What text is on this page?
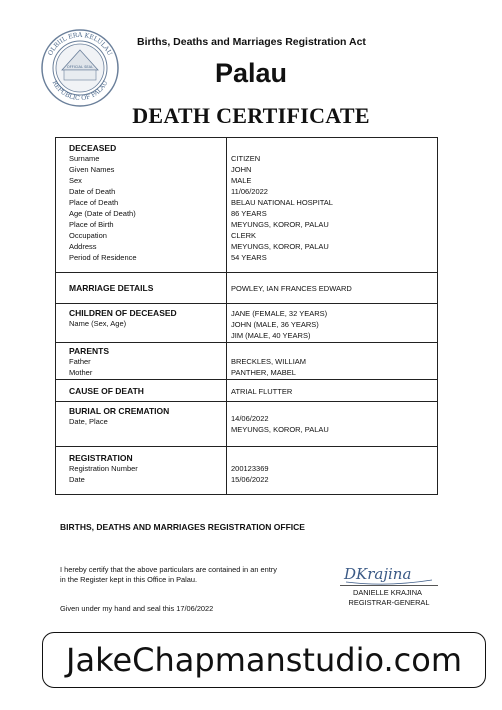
OLBIIL ERA KELULAU
REPUBLIC OF PALAU
OFFICIAL SEAL
Births, Deaths and Marriages Registration Act
Palau
DEATH CERTIFICATE
DECEASED
Surname	CITIZEN
Given Names	JOHN
Sex	MALE
Date of Death	11/06/2022
Place of Death	BELAU NATIONAL HOSPITAL
Age (Date of Death)	86 YEARS
Place of Birth	MEYUNGS, KOROR, PALAU
Occupation	CLERK
Address	MEYUNGS, KOROR, PALAU
Period of Residence	54 YEARS
MARRIAGE DETAILS	POWLEY, IAN FRANCES EDWARD
CHILDREN OF DECEASED
Name (Sex, Age)
JANE (FEMALE, 32 YEARS)
JOHN (MALE, 36 YEARS)
JIM (MALE, 40 YEARS)
PARENTS
Father	BRECKLES, WILLIAM
Mother	PANTHER, MABEL
CAUSE OF DEATH	ATRIAL FLUTTER
BURIAL OR CREMATION
Date, Place	14/06/2022
MEYUNGS, KOROR, PALAU
REGISTRATION
Registration Number	200123369
Date	15/06/2022
BIRTHS, DEATHS AND MARRIAGES REGISTRATION OFFICE
I hereby certify that the above particulars are contained in an entry
in the Register kept in this Office in Palau.	DKrajina
DANIELLE KRAJINA
REGISTRAR-GENERAL
Given under my hand and seal this 17/06/2022
JakeChapmanstudio.com
